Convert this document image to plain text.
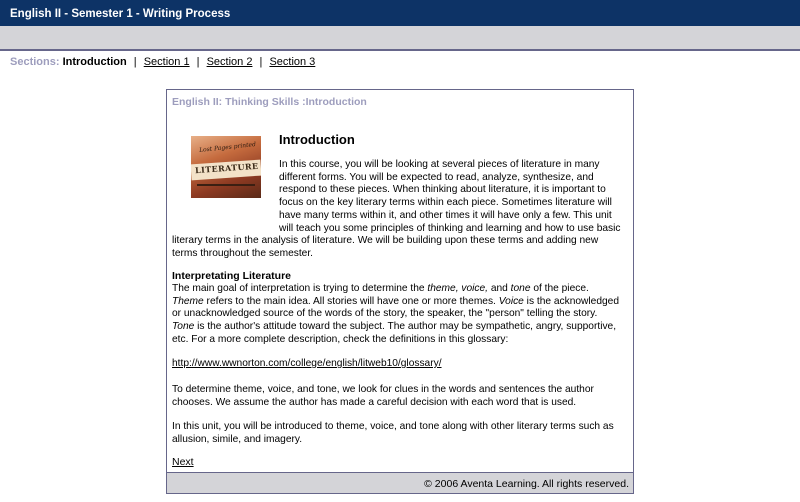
English II - Semester 1 - Writing Process
Sections: Introduction | Section 1 | Section 2 | Section 3
English II: Thinking Skills :Introduction
Lost Pages printed
LITERATURE
Introduction
In this course, you will be looking at several pieces of literature in many
different forms. You will be expected to read, analyze, synthesize, and
respond to these pieces. When thinking about literature, it is important to
focus on the key literary terms within each piece. Sometimes literature will
have many terms within it, and other times it will have only a few. This unit
will teach you some principles of thinking and learning and how to use basic
literary terms in the analysis of literature. We will be building upon these terms and adding new
terms throughout the semester.
Interpretating Literature
The main goal of interpretation is trying to determine the theme, voice, and tone of the piece.
Theme refers to the main idea. All stories will have one or more themes. Voice is the acknowledged
or unacknowledged source of the words of the story, the speaker, the "person" telling the story.
Tone is the author's attitude toward the subject. The author may be sympathetic, angry, supportive,
etc. For a more complete description, check the definitions in this glossary:
http://www.wwnorton.com/college/english/litweb10/glossary/
To determine theme, voice, and tone, we look for clues in the words and sentences the author
chooses. We assume the author has made a careful decision with each word that is used.
In this unit, you will be introduced to theme, voice, and tone along with other literary terms such as
allusion, simile, and imagery.
Next
© 2006 Aventa Learning. All rights reserved.
